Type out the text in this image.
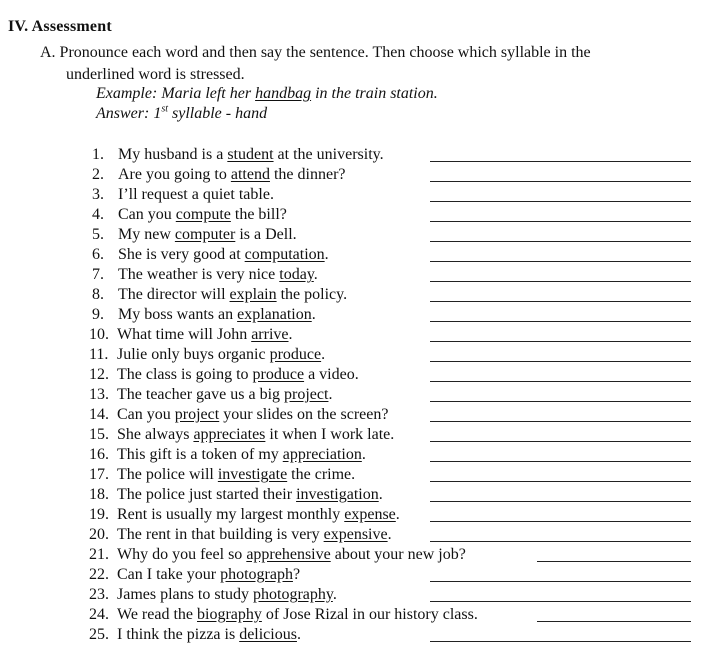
IV. Assessment
A. Pronounce each word and then say the sentence. Then choose which syllable in the
underlined word is stressed.
Example: Maria left her handbag in the train station.
Answer: 1st syllable - hand
1. My husband is a student at the university.
2. Are you going to attend the dinner?
3. I’ll request a quiet table.
4. Can you compute the bill?
5. My new computer is a Dell.
6. She is very good at computation.
7. The weather is very nice today.
8. The director will explain the policy.
9. My boss wants an explanation.
10. What time will John arrive.
11. Julie only buys organic produce.
12. The class is going to produce a video.
13. The teacher gave us a big project.
14. Can you project your slides on the screen?
15. She always appreciates it when I work late.
16. This gift is a token of my appreciation.
17. The police will investigate the crime.
18. The police just started their investigation.
19. Rent is usually my largest monthly expense.
20. The rent in that building is very expensive.
21. Why do you feel so apprehensive about your new job?
22. Can I take your photograph?
23. James plans to study photography.
24. We read the biography of Jose Rizal in our history class.
25. I think the pizza is delicious.
